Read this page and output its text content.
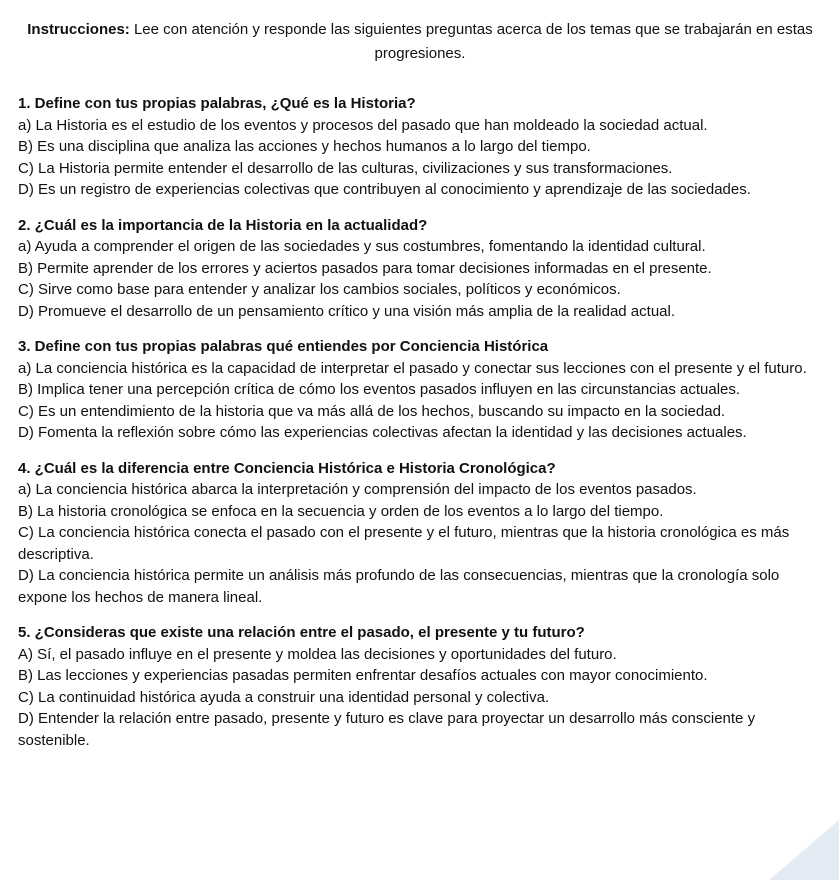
Instrucciones: Lee con atención y responde las siguientes preguntas acerca de los temas que se trabajarán en estas progresiones.
1. Define con tus propias palabras, ¿Qué es la Historia?
a) La Historia es el estudio de los eventos y procesos del pasado que han moldeado la sociedad actual.
B) Es una disciplina que analiza las acciones y hechos humanos a lo largo del tiempo.
C) La Historia permite entender el desarrollo de las culturas, civilizaciones y sus transformaciones.
D) Es un registro de experiencias colectivas que contribuyen al conocimiento y aprendizaje de las sociedades.
2. ¿Cuál es la importancia de la Historia en la actualidad?
a) Ayuda a comprender el origen de las sociedades y sus costumbres, fomentando la identidad cultural.
B) Permite aprender de los errores y aciertos pasados para tomar decisiones informadas en el presente.
C) Sirve como base para entender y analizar los cambios sociales, políticos y económicos.
D) Promueve el desarrollo de un pensamiento crítico y una visión más amplia de la realidad actual.
3. Define con tus propias palabras qué entiendes por Conciencia Histórica
a) La conciencia histórica es la capacidad de interpretar el pasado y conectar sus lecciones con el presente y el futuro.
B) Implica tener una percepción crítica de cómo los eventos pasados influyen en las circunstancias actuales.
C) Es un entendimiento de la historia que va más allá de los hechos, buscando su impacto en la sociedad.
D) Fomenta la reflexión sobre cómo las experiencias colectivas afectan la identidad y las decisiones actuales.
4. ¿Cuál es la diferencia entre Conciencia Histórica e Historia Cronológica?
a) La conciencia histórica abarca la interpretación y comprensión del impacto de los eventos pasados.
B) La historia cronológica se enfoca en la secuencia y orden de los eventos a lo largo del tiempo.
C) La conciencia histórica conecta el pasado con el presente y el futuro, mientras que la historia cronológica es más descriptiva.
D) La conciencia histórica permite un análisis más profundo de las consecuencias, mientras que la cronología solo expone los hechos de manera lineal.
5. ¿Consideras que existe una relación entre el pasado, el presente y tu futuro?
A) Sí, el pasado influye en el presente y moldea las decisiones y oportunidades del futuro.
B) Las lecciones y experiencias pasadas permiten enfrentar desafíos actuales con mayor conocimiento.
C) La continuidad histórica ayuda a construir una identidad personal y colectiva.
D) Entender la relación entre pasado, presente y futuro es clave para proyectar un desarrollo más consciente y sostenible.
